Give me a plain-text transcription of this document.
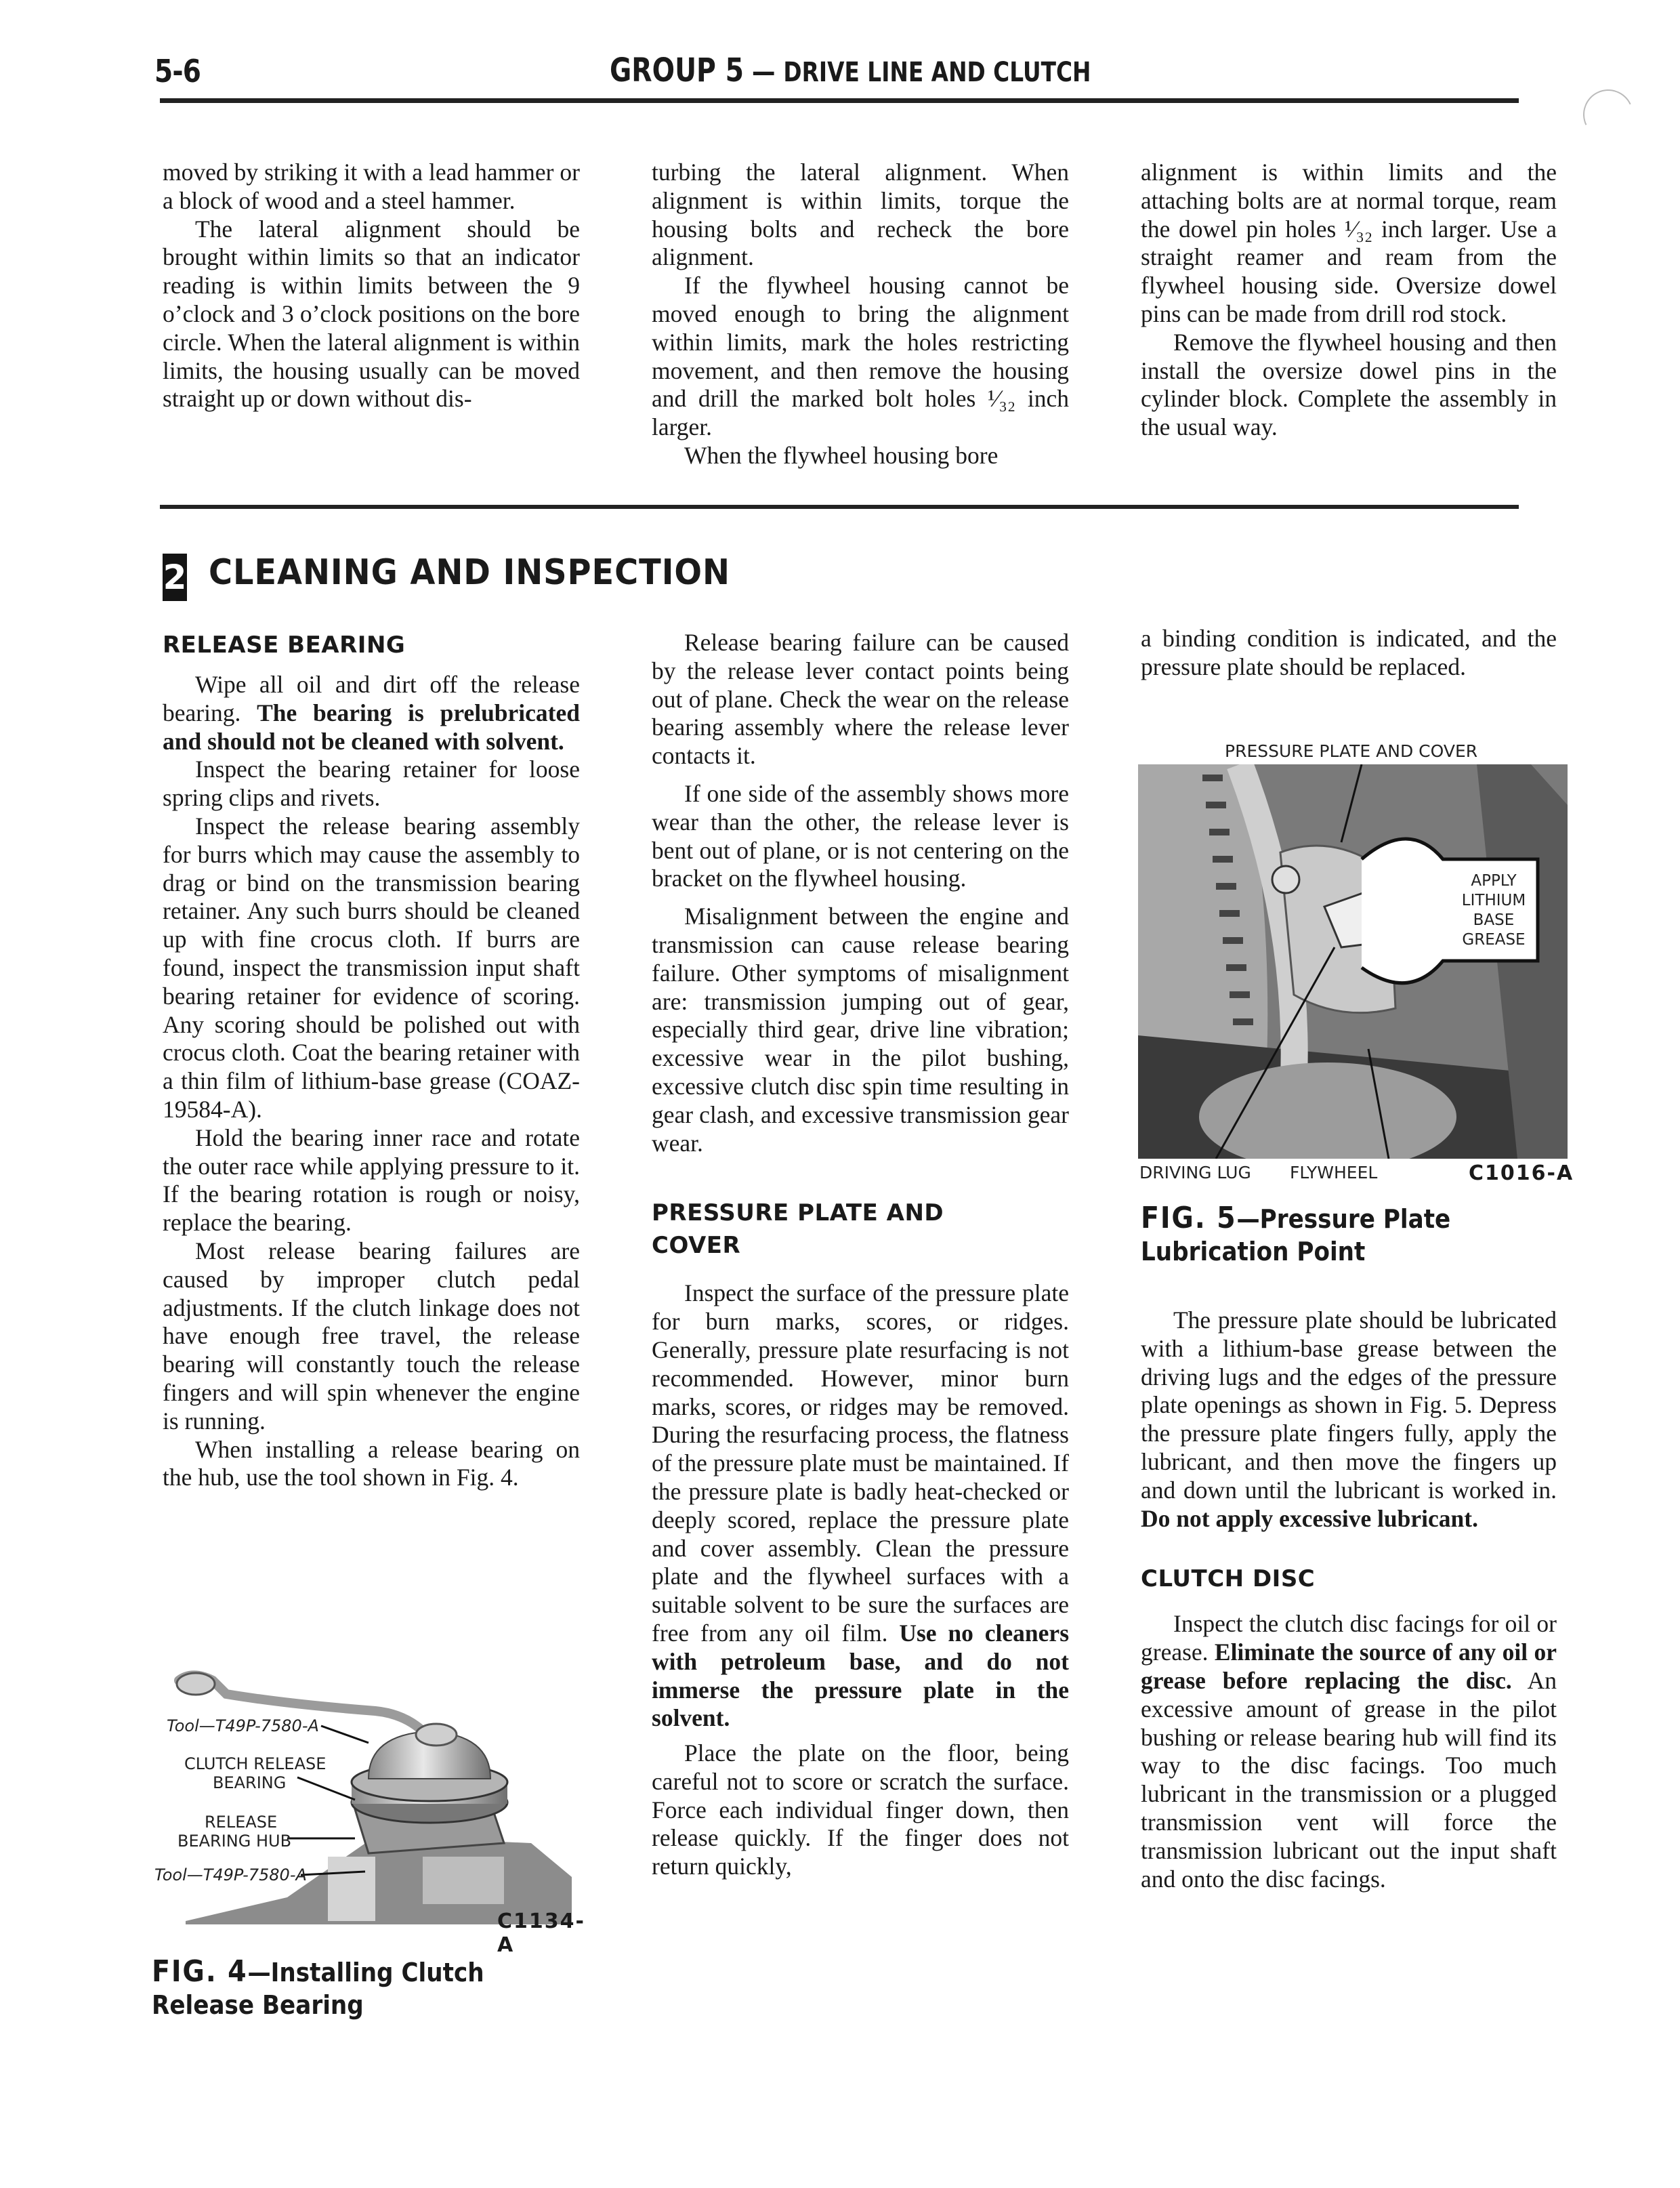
5-6	GROUP 5 — DRIVE LINE AND CLUTCH

moved by striking it with a lead hammer or a block of wood and a steel hammer.

The lateral alignment should be brought within limits so that an indicator reading is within limits between the 9 o’clock and 3 o’clock positions on the bore circle. When the lateral alignment is within limits, the housing usually can be moved straight up or down without dis-

turbing the lateral alignment. When alignment is within limits, torque the housing bolts and recheck the bore alignment.

If the flywheel housing cannot be moved enough to bring the alignment within limits, mark the holes restricting movement, and then remove the housing and drill the marked bolt holes ¹⁄₃₂ inch larger.

When the flywheel housing bore

alignment is within limits and the attaching bolts are at normal torque, ream the dowel pin holes ¹⁄₃₂ inch larger. Use a straight reamer and ream from the flywheel housing side. Oversize dowel pins can be made from drill rod stock.

Remove the flywheel housing and then install the oversize dowel pins in the cylinder block. Complete the assembly in the usual way.

2 CLEANING AND INSPECTION
RELEASE BEARING

Wipe all oil and dirt off the release bearing. The bearing is prelubricated and should not be cleaned with solvent.

Inspect the bearing retainer for loose spring clips and rivets.

Inspect the release bearing assembly for burrs which may cause the assembly to drag or bind on the transmission bearing retainer. Any such burrs should be cleaned up with fine crocus cloth. If burrs are found, inspect the transmission input shaft bearing retainer for evidence of scoring. Any scoring should be polished out with crocus cloth. Coat the bearing retainer with a thin film of lithium-base grease (COAZ-19584-A).

Hold the bearing inner race and rotate the outer race while applying pressure to it. If the bearing rotation is rough or noisy, replace the bearing.

Most release bearing failures are caused by improper clutch pedal adjustments. If the clutch linkage does not have enough free travel, the release bearing will constantly touch the release fingers and will spin whenever the engine is running.

When installing a release bearing on the hub, use the tool shown in Fig. 4.

Tool—T49P-7580-A
CLUTCH RELEASE
BEARING
RELEASE
BEARING HUB
Tool—T49P-7580-A
C1134-A
FIG. 4—Installing Clutch Release Bearing

Release bearing failure can be caused by the release lever contact points being out of plane. Check the wear on the release bearing assembly where the release lever contacts it.

If one side of the assembly shows more wear than the other, the release lever is bent out of plane, or is not centering on the bracket on the flywheel housing.

Misalignment between the engine and transmission can cause release bearing failure. Other symptoms of misalignment are: transmission jumping out of gear, especially third gear, drive line vibration; excessive wear in the pilot bushing, excessive clutch disc spin time resulting in gear clash, and excessive transmission gear wear.

PRESSURE PLATE AND
COVER

Inspect the surface of the pressure plate for burn marks, scores, or ridges. Generally, pressure plate resurfacing is not recommended. However, minor burn marks, scores, or ridges may be removed. During the resurfacing process, the flatness of the pressure plate must be maintained. If the pressure plate is badly heat-checked or deeply scored, replace the pressure plate and cover assembly. Clean the pressure plate and the flywheel surfaces with a suitable solvent to be sure the surfaces are free from any oil film. Use no cleaners with petroleum base, and do not immerse the pressure plate in the solvent.

Place the plate on the floor, being careful not to score or scratch the surface. Force each individual finger down, then release quickly. If the finger does not return quickly,

a binding condition is indicated, and the pressure plate should be replaced.

PRESSURE PLATE AND COVER
APPLY
LITHIUM
BASE
GREASE
DRIVING LUG FLYWHEEL	C1016-A
FIG. 5—Pressure Plate Lubrication Point

The pressure plate should be lubricated with a lithium-base grease between the driving lugs and the edges of the pressure plate openings as shown in Fig. 5. Depress the pressure plate fingers fully, apply the lubricant, and then move the fingers up and down until the lubricant is worked in. Do not apply excessive lubricant.

CLUTCH DISC

Inspect the clutch disc facings for oil or grease. Eliminate the source of any oil or grease before replacing the disc. An excessive amount of grease in the pilot bushing or release bearing hub will find its way to the disc facings. Too much lubricant in the transmission or a plugged transmission vent will force the transmission lubricant out the input shaft and onto the disc facings.
